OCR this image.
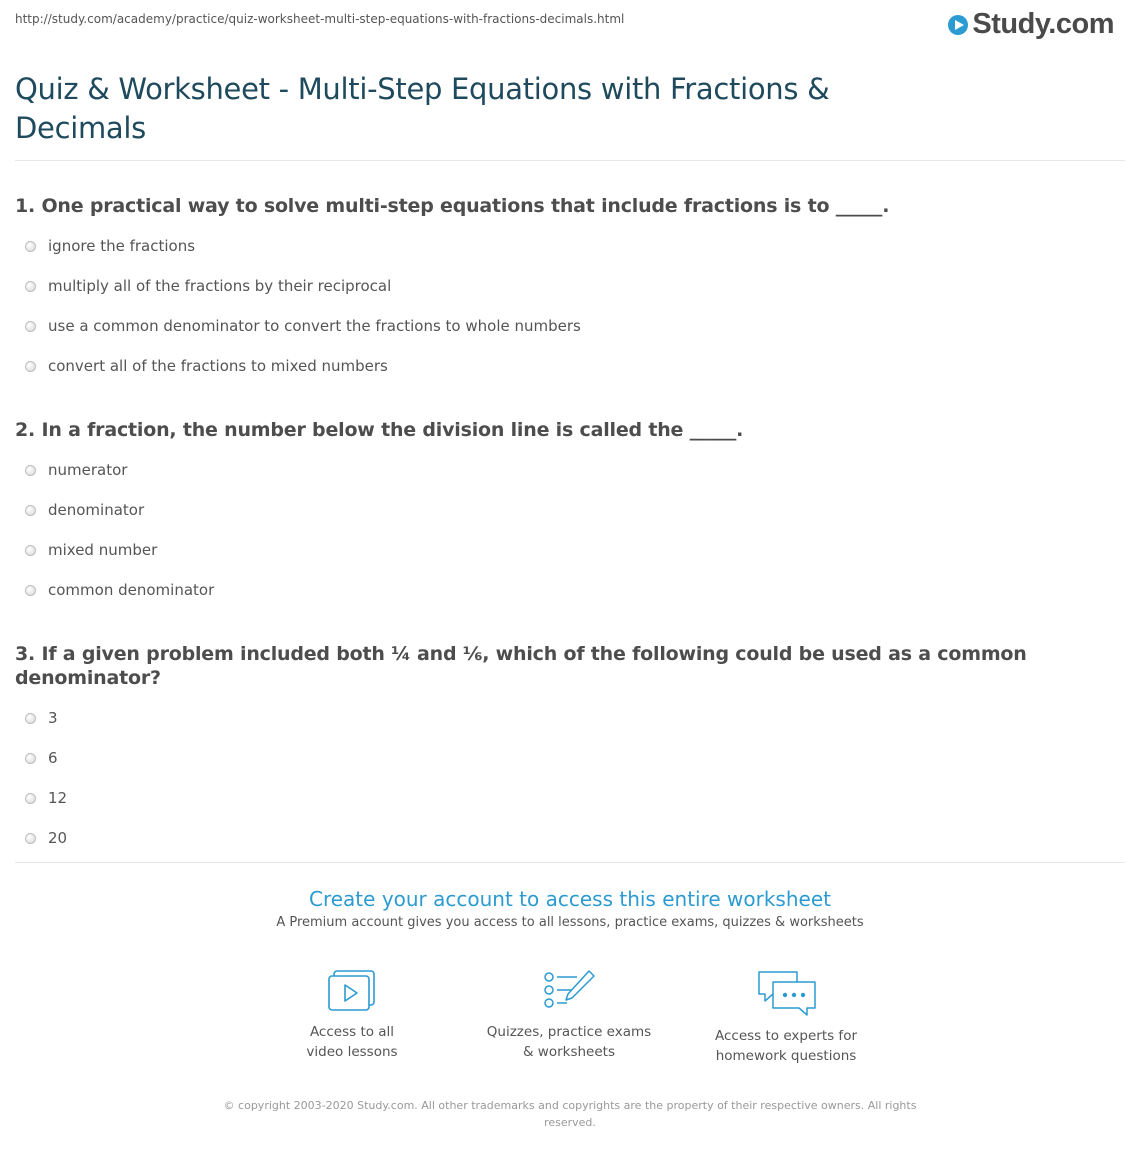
http://study.com/academy/practice/quiz-worksheet-multi-step-equations-with-fractions-decimals.html	Study.com
Quiz & Worksheet - Multi-Step Equations with Fractions & Decimals

1. One practical way to solve multi-step equations that include fractions is to _____.

ignore the fractions
multiply all of the fractions by their reciprocal
use a common denominator to convert the fractions to whole numbers
convert all of the fractions to mixed numbers

2. In a fraction, the number below the division line is called the _____.

numerator
denominator
mixed number
common denominator

3. If a given problem included both ¼ and ⅙, which of the following could be used as a common denominator?

3
6
12
20

Create your account to access this entire worksheet

A Premium account gives you access to all lessons, practice exams, quizzes & worksheets
Access to all
video lessons
Quizzes, practice exams
& worksheets
Access to experts for
homework questions
© copyright 2003-2020 Study.com. All other trademarks and copyrights are the property of their respective owners. All rights reserved.
